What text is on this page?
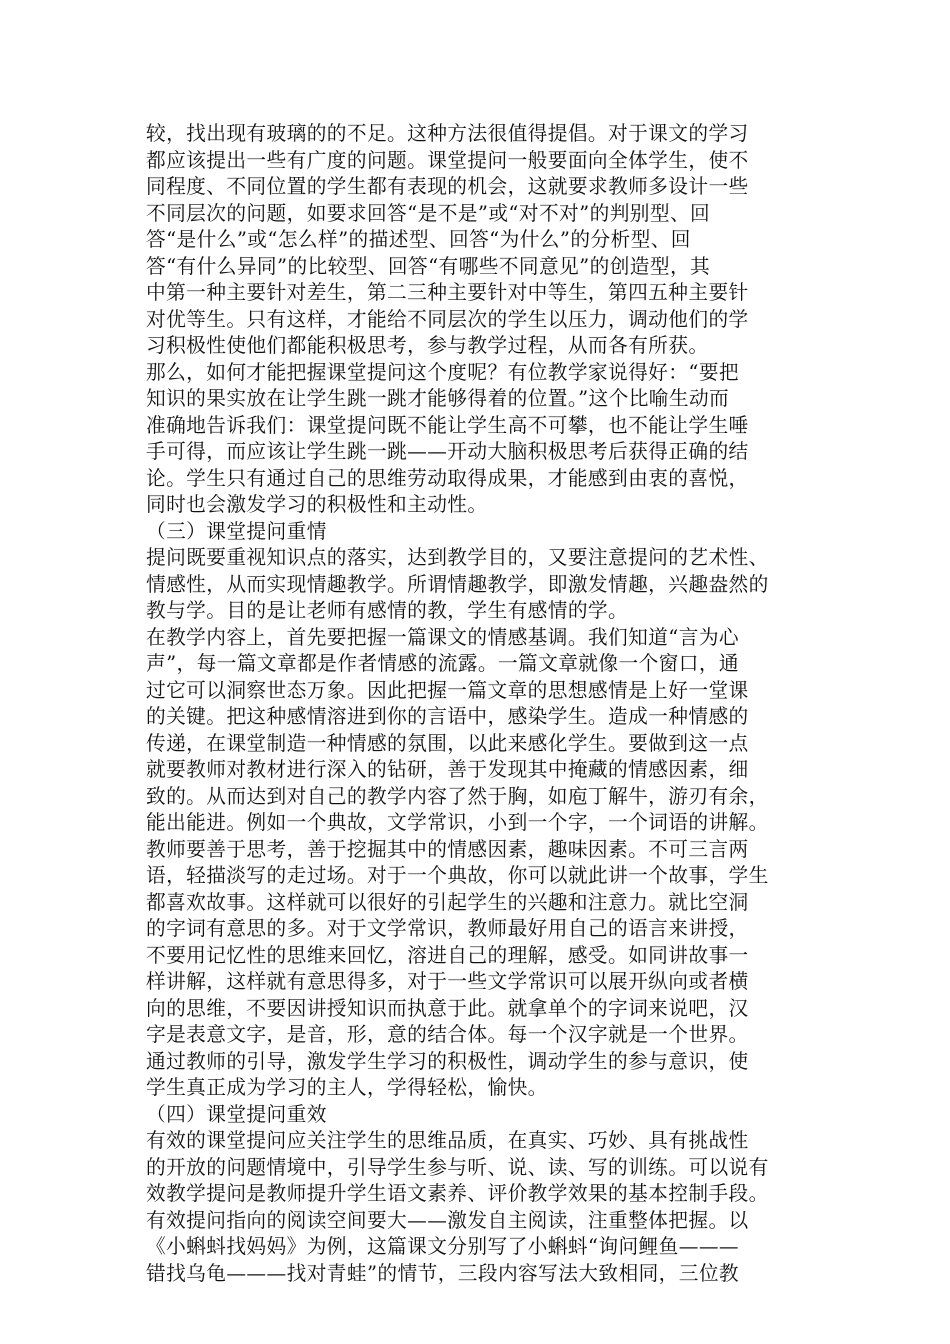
较，找出现有玻璃的的不足。这种方法很值得提倡。对于课文的学习
都应该提出一些有广度的问题。课堂提问一般要面向全体学生，使不
同程度、不同位置的学生都有表现的机会，这就要求教师多设计一些
不同层次的问题，如要求回答“是不是”或“对不对”的判别型、回
答“是什么”或“怎么样”的描述型、回答“为什么”的分析型、回
答“有什么异同”的比较型、回答“有哪些不同意见”的创造型，其
中第一种主要针对差生，第二三种主要针对中等生，第四五种主要针
对优等生。只有这样，才能给不同层次的学生以压力，调动他们的学
习积极性使他们都能积极思考，参与教学过程，从而各有所获。
那么，如何才能把握课堂提问这个度呢？有位教学家说得好：“要把
知识的果实放在让学生跳一跳才能够得着的位置。”这个比喻生动而
准确地告诉我们：课堂提问既不能让学生高不可攀，也不能让学生唾
手可得，而应该让学生跳一跳——开动大脑积极思考后获得正确的结
论。学生只有通过自己的思维劳动取得成果，才能感到由衷的喜悦，
同时也会激发学习的积极性和主动性。
（三）课堂提问重情
提问既要重视知识点的落实，达到教学目的，又要注意提问的艺术性、
情感性，从而实现情趣教学。所谓情趣教学，即激发情趣，兴趣盎然的
教与学。目的是让老师有感情的教，学生有感情的学。
在教学内容上，首先要把握一篇课文的情感基调。我们知道“言为心
声”，每一篇文章都是作者情感的流露。一篇文章就像一个窗口，通
过它可以洞察世态万象。因此把握一篇文章的思想感情是上好一堂课
的关键。把这种感情溶进到你的言语中，感染学生。造成一种情感的
传递，在课堂制造一种情感的氛围，以此来感化学生。要做到这一点
就要教师对教材进行深入的钻研，善于发现其中掩藏的情感因素，细
致的。从而达到对自己的教学内容了然于胸，如庖丁解牛，游刃有余，
能出能进。例如一个典故，文学常识，小到一个字，一个词语的讲解。
教师要善于思考，善于挖掘其中的情感因素，趣味因素。不可三言两
语，轻描淡写的走过场。对于一个典故，你可以就此讲一个故事，学生
都喜欢故事。这样就可以很好的引起学生的兴趣和注意力。就比空洞
的字词有意思的多。对于文学常识，教师最好用自己的语言来讲授，
不要用记忆性的思维来回忆，溶进自己的理解，感受。如同讲故事一
样讲解，这样就有意思得多，对于一些文学常识可以展开纵向或者横
向的思维，不要因讲授知识而执意于此。就拿单个的字词来说吧，汉
字是表意文字，是音，形，意的结合体。每一个汉字就是一个世界。
通过教师的引导，激发学生学习的积极性，调动学生的参与意识，使
学生真正成为学习的主人，学得轻松，愉快。
（四）课堂提问重效
有效的课堂提问应关注学生的思维品质，在真实、巧妙、具有挑战性
的开放的问题情境中，引导学生参与听、说、读、写的训练。可以说有
效教学提问是教师提升学生语文素养、评价教学效果的基本控制手段。
有效提问指向的阅读空间要大——激发自主阅读，注重整体把握。以
《小蝌蚪找妈妈》为例，这篇课文分别写了小蝌蚪“询问鲤鱼———
错找乌龟———找对青蛙”的情节，三段内容写法大致相同，三位教
